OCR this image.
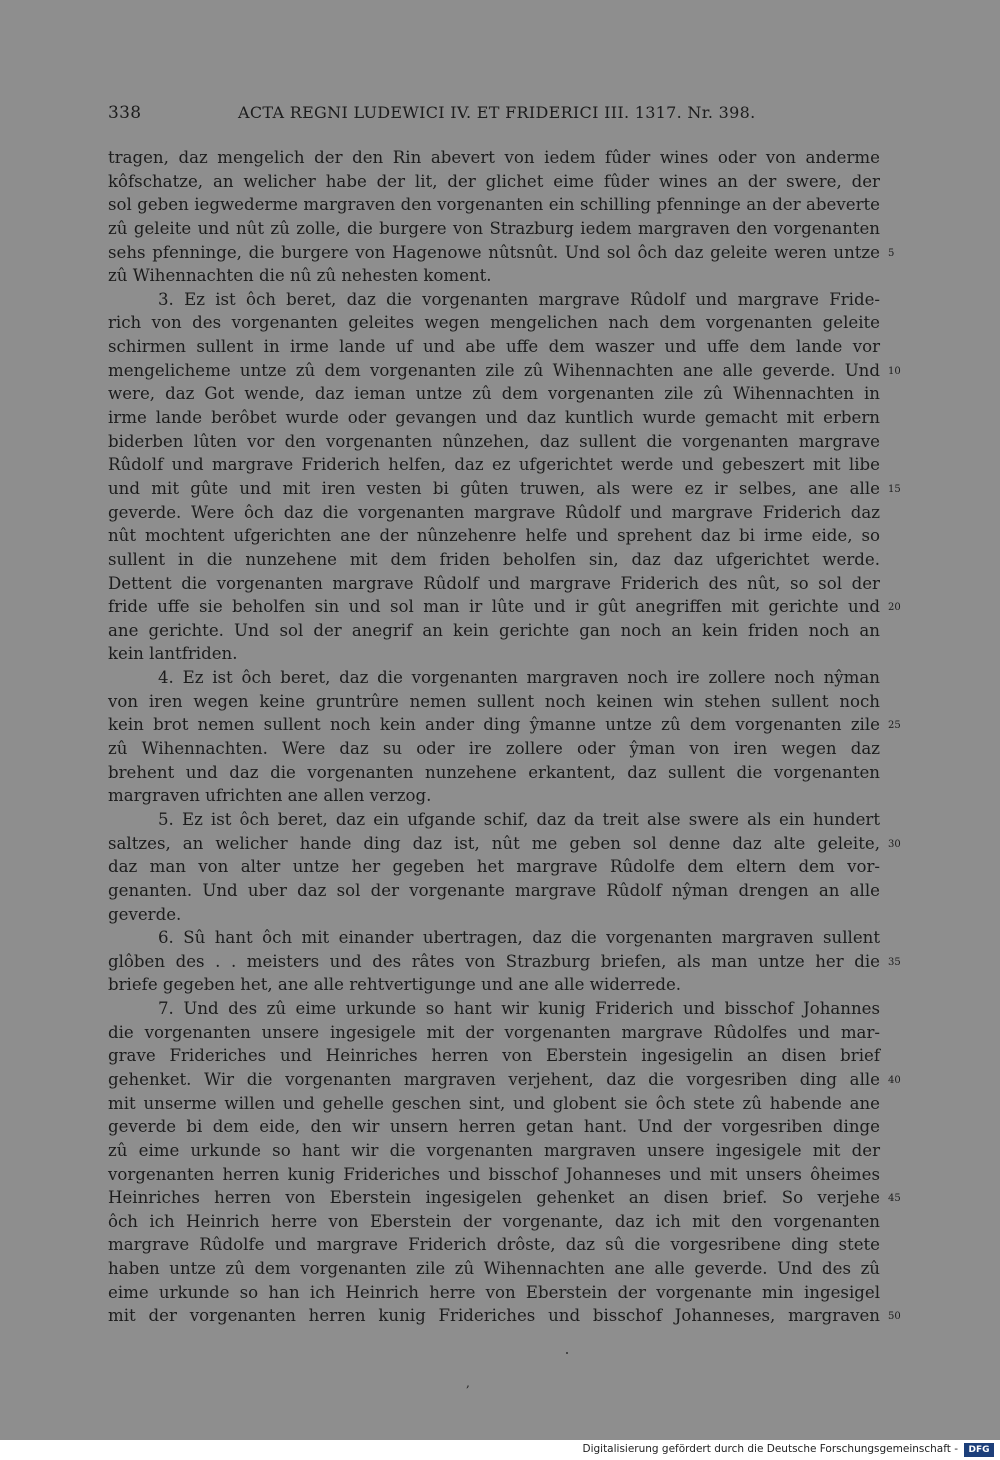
338	ACTA REGNI LUDEWICI IV. ET FRIDERICI III. 1317. Nr. 398.
tragen, daz mengelich der den Rin abevert von iedem fûder wines oder von anderme
kôfschatze, an welicher habe der lit, der glichet eime fûder wines an der swere, der
sol geben iegwederme margraven den vorgenanten ein schilling pfenninge an der abeverte
zû geleite und nût zû zolle, die burgere von Strazburg iedem margraven den vorgenanten
sehs pfenninge, die burgere von Hagenowe nûtsnût. Und sol ôch daz geleite weren untze 5
zû Wihennachten die nû zû nehesten koment.
3. Ez ist ôch beret, daz die vorgenanten margrave Rûdolf und margrave Fride-
rich von des vorgenanten geleites wegen mengelichen nach dem vorgenanten geleite
schirmen sullent in irme lande uf und abe uffe dem waszer und uffe dem lande vor
mengelicheme untze zû dem vorgenanten zile zû Wihennachten ane alle geverde. Und 10
were, daz Got wende, daz ieman untze zû dem vorgenanten zile zû Wihennachten in
irme lande berôbet wurde oder gevangen und daz kuntlich wurde gemacht mit erbern
biderben lûten vor den vorgenanten nûnzehen, daz sullent die vorgenanten margrave
Rûdolf und margrave Friderich helfen, daz ez ufgerichtet werde und gebeszert mit libe
und mit gûte und mit iren vesten bi gûten truwen, als were ez ir selbes, ane alle 15
geverde. Were ôch daz die vorgenanten margrave Rûdolf und margrave Friderich daz
nût mochtent ufgerichten ane der nûnzehenre helfe und sprehent daz bi irme eide, so
sullent in die nunzehene mit dem friden beholfen sin, daz daz ufgerichtet werde.
Dettent die vorgenanten margrave Rûdolf und margrave Friderich des nût, so sol der
fride uffe sie beholfen sin und sol man ir lûte und ir gût anegriffen mit gerichte und 20
ane gerichte. Und sol der anegrif an kein gerichte gan noch an kein friden noch an
kein lantfriden.
4. Ez ist ôch beret, daz die vorgenanten margraven noch ire zollere noch nŷman
von iren wegen keine gruntrûre nemen sullent noch keinen win stehen sullent noch
kein brot nemen sullent noch kein ander ding ŷmanne untze zû dem vorgenanten zile 25
zû Wihennachten. Were daz su oder ire zollere oder ŷman von iren wegen daz
brehent und daz die vorgenanten nunzehene erkantent, daz sullent die vorgenanten
margraven ufrichten ane allen verzog.
5. Ez ist ôch beret, daz ein ufgande schif, daz da treit alse swere als ein hundert
saltzes, an welicher hande ding daz ist, nût me geben sol denne daz alte geleite, 30
daz man von alter untze her gegeben het margrave Rûdolfe dem eltern dem vor-
genanten. Und uber daz sol der vorgenante margrave Rûdolf nŷman drengen an alle
geverde.
6. Sû hant ôch mit einander ubertragen, daz die vorgenanten margraven sullent
glôben des . . meisters und des râtes von Strazburg briefen, als man untze her die 35
briefe gegeben het, ane alle rehtvertigunge und ane alle widerrede.
7. Und des zû eime urkunde so hant wir kunig Friderich und bisschof Johannes
die vorgenanten unsere ingesigele mit der vorgenanten margrave Rûdolfes und mar-
grave Frideriches und Heinriches herren von Eberstein ingesigelin an disen brief
gehenket. Wir die vorgenanten margraven verjehent, daz die vorgesriben ding alle 40
mit unserme willen und gehelle geschen sint, und globent sie ôch stete zû habende ane
geverde bi dem eide, den wir unsern herren getan hant. Und der vorgesriben dinge
zû eime urkunde so hant wir die vorgenanten margraven unsere ingesigele mit der
vorgenanten herren kunig Frideriches und bisschof Johanneses und mit unsers ôheimes
Heinriches herren von Eberstein ingesigelen gehenket an disen brief. So verjehe 45
ôch ich Heinrich herre von Eberstein der vorgenante, daz ich mit den vorgenanten
margrave Rûdolfe und margrave Friderich drôste, daz sû die vorgesribene ding stete
haben untze zû dem vorgenanten zile zû Wihennachten ane alle geverde. Und des zû
eime urkunde so han ich Heinrich herre von Eberstein der vorgenante min ingesigel
mit der vorgenanten herren kunig Frideriches und bisschof Johanneses, margraven 50
,
Digitalisierung gefördert durch die Deutsche Forschungsgemeinschaft -	DFG
